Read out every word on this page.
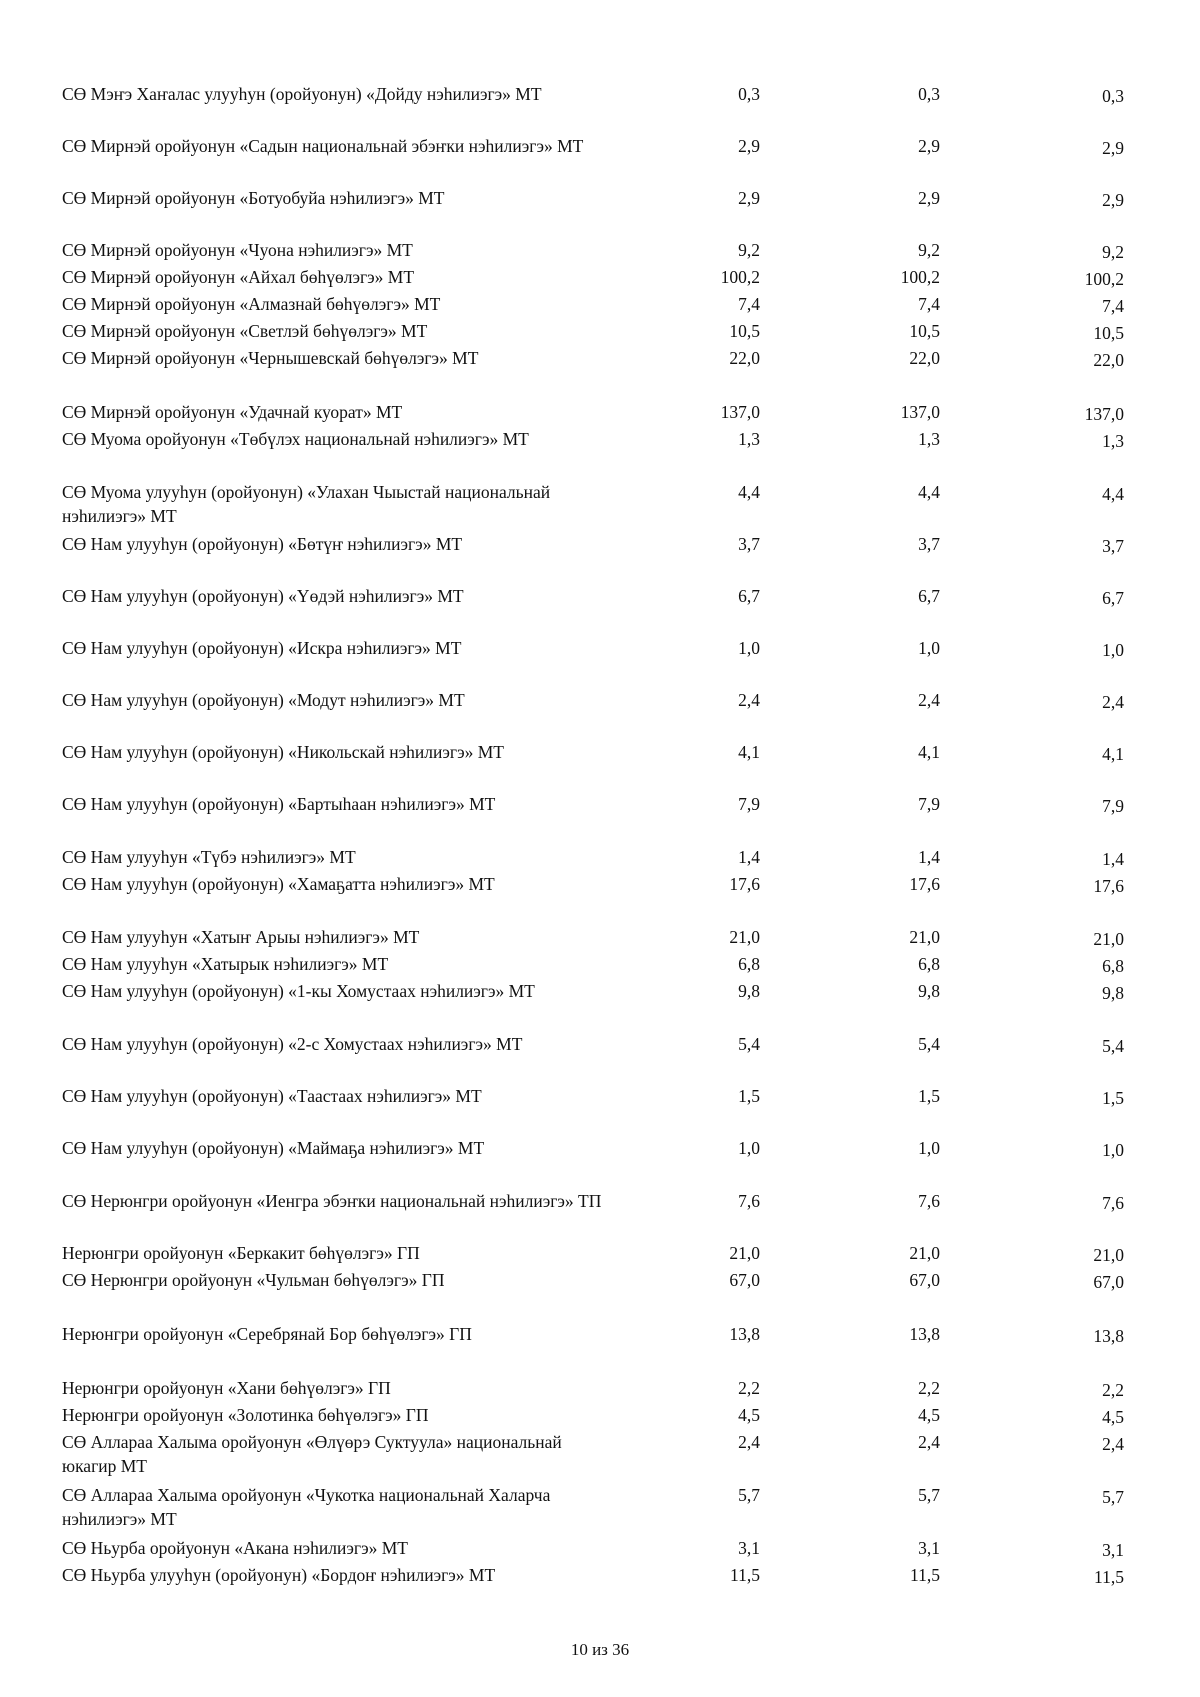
СӨ Мэҥэ Хаҥалас улууһун (оройуонун) «Дойду нэһилиэгэ» МТ	0,3	0,3	0,3
СӨ Мирнэй оройуонун «Садын национальнай эбэҥки нэһилиэгэ» МТ	2,9	2,9	2,9
СӨ Мирнэй оройуонун «Ботуобуйа нэһилиэгэ» МТ	2,9	2,9	2,9
СӨ Мирнэй оройуонун «Чуона нэһилиэгэ» МТ	9,2	9,2	9,2
СӨ Мирнэй оройуонун «Айхал бөһүөлэгэ» МТ	100,2	100,2	100,2
СӨ Мирнэй оройуонун «Алмазнай бөһүөлэгэ» МТ	7,4	7,4	7,4
СӨ Мирнэй оройуонун «Светлэй бөһүөлэгэ» МТ	10,5	10,5	10,5
СӨ Мирнэй оройуонун «Чернышевскай бөһүөлэгэ» МТ	22,0	22,0	22,0
СӨ Мирнэй оройуонун «Удачнай куорат» МТ	137,0	137,0	137,0
СӨ Муома оройуонун «Төбүлэх национальнай нэһилиэгэ» МТ	1,3	1,3	1,3
СӨ Муома улууһун (оройуонун) «Улахан Чыыстай национальнай нэһилиэгэ» МТ
4,4	4,4	4,4
СӨ Нам улууһун (оройуонун) «Бөтүҥ нэһилиэгэ» МТ	3,7	3,7	3,7
СӨ Нам улууһун (оройуонун) «Үөдэй нэһилиэгэ» МТ	6,7	6,7	6,7
СӨ Нам улууһун (оройуонун) «Искра нэһилиэгэ» МТ	1,0	1,0	1,0
СӨ Нам улууһун (оройуонун) «Модут нэһилиэгэ» МТ	2,4	2,4	2,4
СӨ Нам улууһун (оройуонун) «Никольскай нэһилиэгэ» МТ	4,1	4,1	4,1
СӨ Нам улууһун (оройуонун) «Бартыһаан нэһилиэгэ» МТ	7,9	7,9	7,9
СӨ Нам улууһун «Түбэ нэһилиэгэ» МТ	1,4	1,4	1,4
СӨ Нам улууһун (оройуонун) «Хамаҕатта нэһилиэгэ» МТ	17,6	17,6	17,6
СӨ Нам улууһун «Хатыҥ Арыы нэһилиэгэ» МТ	21,0	21,0	21,0
СӨ Нам улууһун «Хатырык нэһилиэгэ» МТ	6,8	6,8	6,8
СӨ Нам улууһун (оройуонун) «1-кы Хомустаах нэһилиэгэ» МТ	9,8	9,8	9,8
СӨ Нам улууһун (оройуонун) «2-с Хомустаах нэһилиэгэ» МТ	5,4	5,4	5,4
СӨ Нам улууһун (оройуонун) «Таастаах нэһилиэгэ» МТ	1,5	1,5	1,5
СӨ Нам улууһун (оройуонун) «Маймаҕа нэһилиэгэ» МТ	1,0	1,0	1,0
СӨ Нерюнгри оройуонун «Иенгра эбэҥки национальнай нэһилиэгэ» ТП	7,6	7,6	7,6
Нерюнгри оройуонун «Беркакит бөһүөлэгэ» ГП	21,0	21,0	21,0
СӨ Нерюнгри оройуонун «Чульман бөһүөлэгэ» ГП	67,0	67,0	67,0
Нерюнгри оройуонун «Серебрянай Бор бөһүөлэгэ» ГП	13,8	13,8	13,8
Нерюнгри оройуонун «Хани бөһүөлэгэ» ГП	2,2	2,2	2,2
Нерюнгри оройуонун «Золотинка бөһүөлэгэ» ГП	4,5	4,5	4,5
СӨ Аллараа Халыма оройуонун «Өлүөрэ Суктуула» национальнай юкагир МТ
2,4	2,4	2,4
СӨ Аллараа Халыма оройуонун «Чукотка национальнай Халарча нэһилиэгэ» МТ
5,7	5,7	5,7
СӨ Ньурба оройуонун «Акана нэһилиэгэ» МТ	3,1	3,1	3,1
СӨ Ньурба улууһун (оройуонун) «Бордоҥ нэһилиэгэ» МТ	11,5	11,5	11,5
10 из 36
